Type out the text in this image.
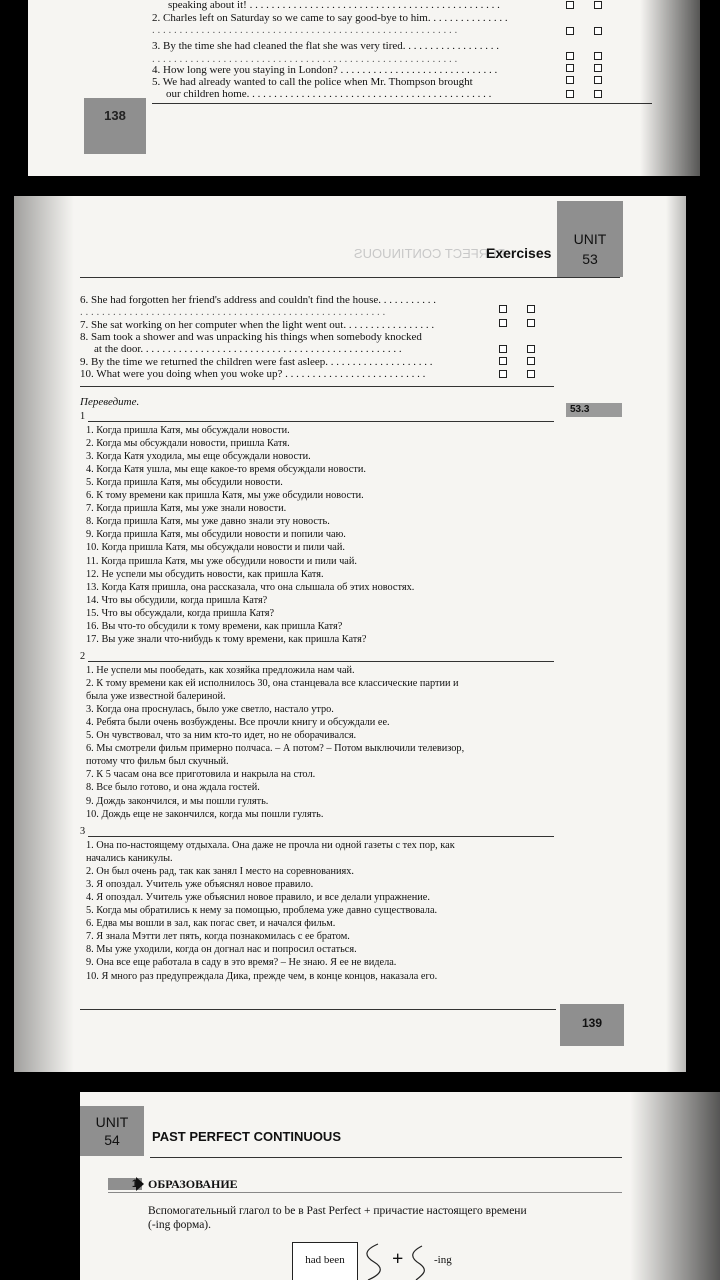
speaking about it! . . . . . . . . . . . . . . . . . . . . . . . . . . . . . . . . . . . . . . . . . . . . . .
2. Charles left on Saturday so we came to say good-bye to him. . . . . . . . . . . . . . .
. . . . . . . . . . . . . . . . . . . . . . . . . . . . . . . . . . . . . . . . . . . . . . . . . . . . . . . .
3. By the time she had cleaned the flat she was very tired. . . . . . . . . . . . . . . . . .
. . . . . . . . . . . . . . . . . . . . . . . . . . . . . . . . . . . . . . . . . . . . . . . . . . . . . . . .
4. How long were you staying in London? . . . . . . . . . . . . . . . . . . . . . . . . . . . . .
5. We had already wanted to call the police when Mr. Thompson brought
our children home. . . . . . . . . . . . . . . . . . . . . . . . . . . . . . . . . . . . . . . . . . . . .
138
PERFECT CONTINUOUS
Exercises
UNIT
53
6. She had forgotten her friend's address and couldn't find the house. . . . . . . . . . .
. . . . . . . . . . . . . . . . . . . . . . . . . . . . . . . . . . . . . . . . . . . . . . . . . . . . . . . .
7. She sat working on her computer when the light went out. . . . . . . . . . . . . . . . .
8. Sam took a shower and was unpacking his things when somebody knocked
at the door. . . . . . . . . . . . . . . . . . . . . . . . . . . . . . . . . . . . . . . . . . . . . . . .
9. By the time we returned the children were fast asleep. . . . . . . . . . . . . . . . . . . .
10. What were you doing when you woke up? . . . . . . . . . . . . . . . . . . . . . . . . . .
Переведите.
53.3
1
1. Когда пришла Катя, мы обсуждали новости.
2. Когда мы обсуждали новости, пришла Катя.
3. Когда Катя уходила, мы еще обсуждали новости.
4. Когда Катя ушла, мы еще какое-то время обсуждали новости.
5. Когда пришла Катя, мы обсудили новости.
6. К тому времени как пришла Катя, мы уже обсудили новости.
7. Когда пришла Катя, мы уже знали новости.
8. Когда пришла Катя, мы уже давно знали эту новость.
9. Когда пришла Катя, мы обсудили новости и попили чаю.
10. Когда пришла Катя, мы обсуждали новости и пили чай.
11. Когда пришла Катя, мы уже обсудили новости и пили чай.
12. Не успели мы обсудить новости, как пришла Катя.
13. Когда Катя пришла, она рассказала, что она слышала об этих новостях.
14. Что вы обсудили, когда пришла Катя?
15. Что вы обсуждали, когда пришла Катя?
16. Вы что-то обсудили к тому времени, как пришла Катя?
17. Вы уже знали что-нибудь к тому времени, как пришла Катя?
2
1. Не успели мы пообедать, как хозяйка предложила нам чай.
2. К тому времени как ей исполнилось 30, она станцевала все классические партии и
была уже известной балериной.
3. Когда она проснулась, было уже светло, настало утро.
4. Ребята были очень возбуждены. Все прочли книгу и обсуждали ее.
5. Он чувствовал, что за ним кто-то идет, но не оборачивался.
6. Мы смотрели фильм примерно полчаса. – А потом? – Потом выключили телевизор,
потому что фильм был скучный.
7. К 5 часам она все приготовила и накрыла на стол.
8. Все было готово, и она ждала гостей.
9. Дождь закончился, и мы пошли гулять.
10. Дождь еще не закончился, когда мы пошли гулять.
3
1. Она по-настоящему отдыхала. Она даже не прочла ни одной газеты с тех пор, как
начались каникулы.
2. Он был очень рад, так как занял I место на соревнованиях.
3. Я опоздал. Учитель уже объяснял новое правило.
4. Я опоздал. Учитель уже объяснил новое правило, и все делали упражнение.
5. Когда мы обратились к нему за помощью, проблема уже давно существовала.
6. Едва мы вошли в зал, как погас свет, и начался фильм.
7. Я знала Мэтти лет пять, когда познакомилась с ее братом.
8. Мы уже уходили, когда он догнал нас и попросил остаться.
9. Она все еще работала в саду в это время? – Не знаю. Я ее не видела.
10. Я много раз предупреждала Дика, прежде чем, в конце концов, наказала его.
139
UNIT
54	PAST PERFECT CONTINUOUS
1 ОБРАЗОВАНИЕ
Вспомогательный глагол to be в Past Perfect + причастие настоящего времени
(-ing форма).
had been	+	-ing
